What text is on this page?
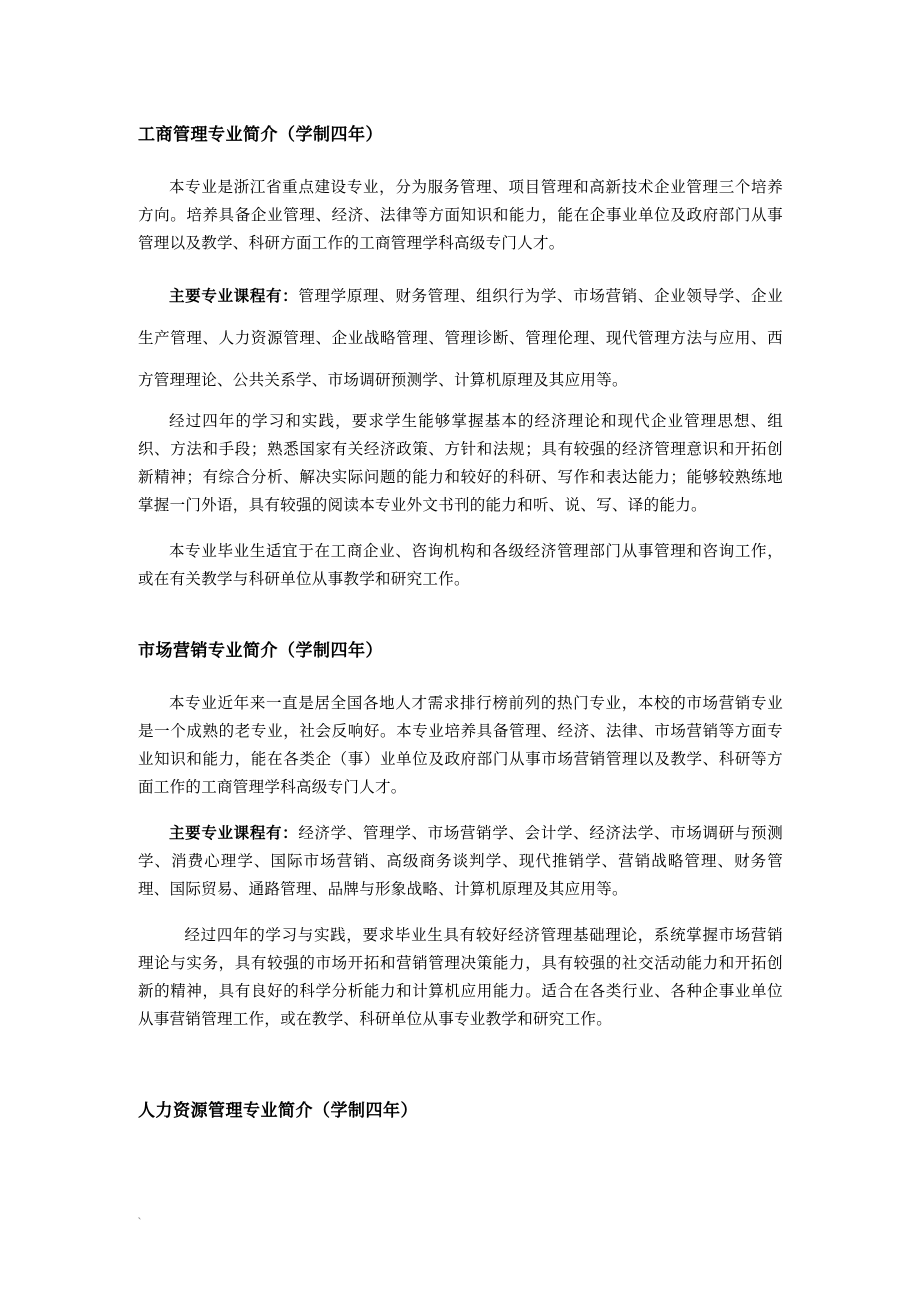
工商管理专业简介（学制四年）

本专业是浙江省重点建设专业，分为服务管理、项目管理和高新技术企业管理三个培养方向。培养具备企业管理、经济、法律等方面知识和能力，能在企事业单位及政府部门从事管理以及教学、科研方面工作的工商管理学科高级专门人才。

主要专业课程有：管理学原理、财务管理、组织行为学、市场营销、企业领导学、企业生产管理、人力资源管理、企业战略管理、管理诊断、管理伦理、现代管理方法与应用、西方管理理论、公共关系学、市场调研预测学、计算机原理及其应用等。

经过四年的学习和实践，要求学生能够掌握基本的经济理论和现代企业管理思想、组织、方法和手段；熟悉国家有关经济政策、方针和法规；具有较强的经济管理意识和开拓创新精神；有综合分析、解决实际问题的能力和较好的科研、写作和表达能力；能够较熟练地掌握一门外语，具有较强的阅读本专业外文书刊的能力和听、说、写、译的能力。

本专业毕业生适宜于在工商企业、咨询机构和各级经济管理部门从事管理和咨询工作，或在有关教学与科研单位从事教学和研究工作。

市场营销专业简介（学制四年）

本专业近年来一直是居全国各地人才需求排行榜前列的热门专业，本校的市场营销专业是一个成熟的老专业，社会反响好。本专业培养具备管理、经济、法律、市场营销等方面专业知识和能力，能在各类企（事）业单位及政府部门从事市场营销管理以及教学、科研等方面工作的工商管理学科高级专门人才。

主要专业课程有：经济学、管理学、市场营销学、会计学、经济法学、市场调研与预测学、消费心理学、国际市场营销、高级商务谈判学、现代推销学、营销战略管理、财务管理、国际贸易、通路管理、品牌与形象战略、计算机原理及其应用等。

经过四年的学习与实践，要求毕业生具有较好经济管理基础理论，系统掌握市场营销理论与实务，具有较强的市场开拓和营销管理决策能力，具有较强的社交活动能力和开拓创新的精神，具有良好的科学分析能力和计算机应用能力。适合在各类行业、各种企事业单位从事营销管理工作，或在教学、科研单位从事专业教学和研究工作。

人力资源管理专业简介（学制四年）
`
